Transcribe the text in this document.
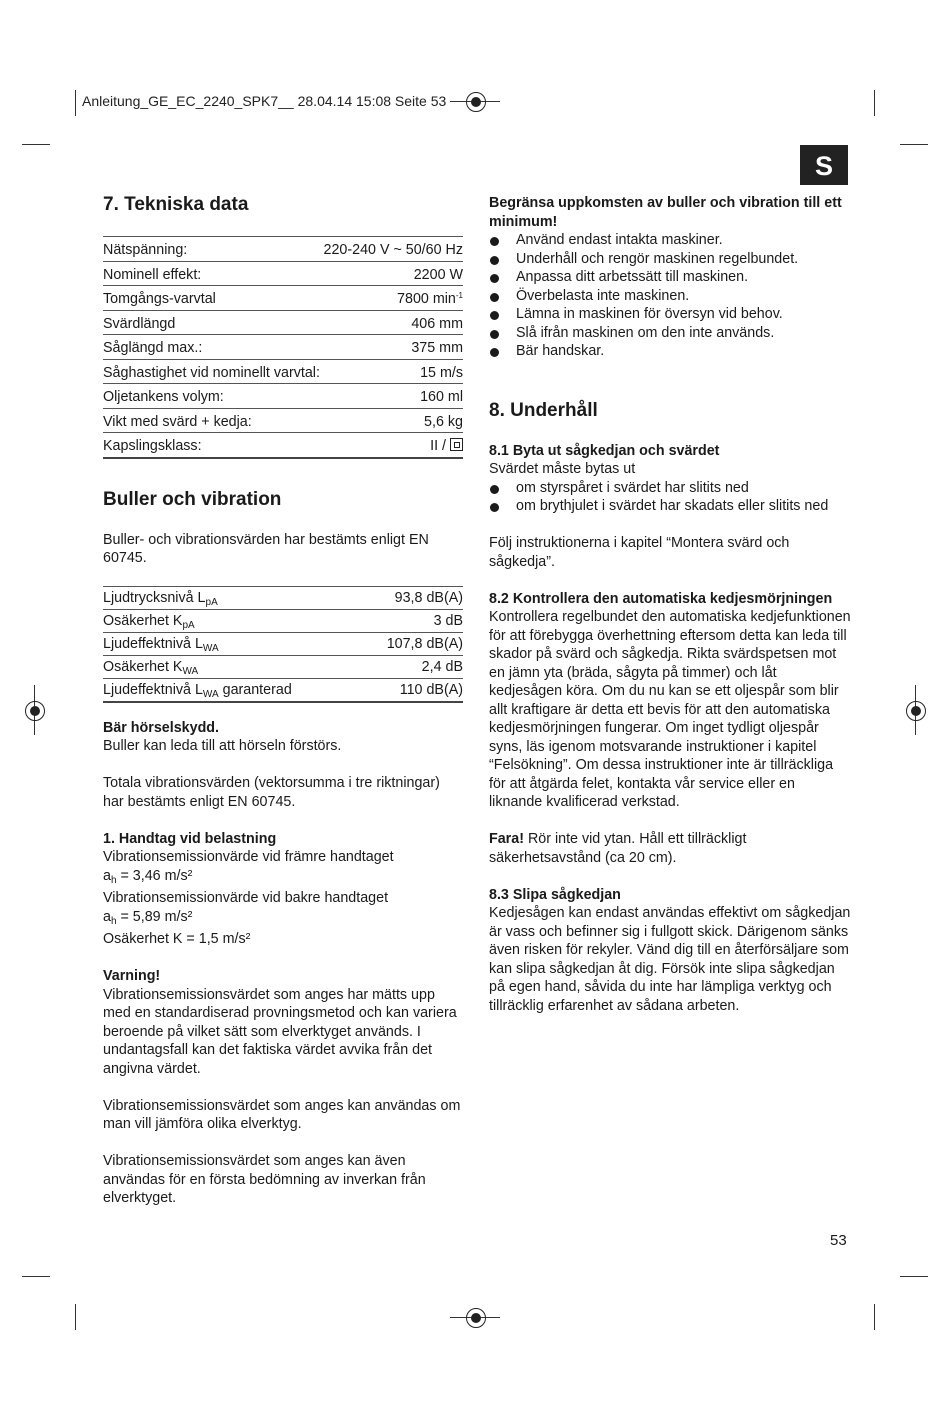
Anleitung_GE_EC_2240_SPK7__ 28.04.14 15:08 Seite 53
S
7. Tekniska data
Nätspänning:	220-240 V ~ 50/60 Hz
Nominell effekt:	2200 W
Tomgångs-varvtal	7800 $\min^{-1}$
Svärdlängd	406 mm
Såglängd max.:	375 mm
Såghastighet vid nominellt varvtal:	15 m/s
Oljetankens volym:	160 ml
Vikt med svärd + kedja:	5,6 kg
Kapslingsklass:	II /
Buller och vibration

Buller- och vibrationsvärden har bestämts enligt EN 60745.

Ljudtrycksnivå $L_{pA}$	93,8 dB(A)
Osäkerhet $K_{pA}$	3 dB
Ljudeffektnivå $L_{WA}$	107,8 dB(A)
Osäkerhet $K_{WA}$	2,4 dB
Ljudeffektnivå $L_{WA}$ garanterad	110 dB(A)
Bär hörselskydd.

Buller kan leda till att hörseln förstörs.

Totala vibrationsvärden (vektorsumma i tre riktningar) har bestämts enligt EN 60745.

1. Handtag vid belastning

Vibrationsemissionvärde vid främre handtaget

$a_h = 3,46$ m/s²

Vibrationsemissionvärde vid bakre handtaget

$a_h = 5,89$ m/s²

Osäkerhet K = 1,5 m/s²

Varning!

Vibrationsemissionsvärdet som anges har mätts upp med en standardiserad provningsmetod och kan variera beroende på vilket sätt som elverktyget används. I undantagsfall kan det faktiska värdet avvika från det angivna värdet.

Vibrationsemissionsvärdet som anges kan användas om man vill jämföra olika elverktyg.

Vibrationsemissionsvärdet som anges kan även användas för en första bedömning av inverkan från elverktyget.

Begränsa uppkomsten av buller och vibration till ett minimum!
Använd endast intakta maskiner.
Underhåll och rengör maskinen regelbundet.
Anpassa ditt arbetssätt till maskinen.
Överbelasta inte maskinen.
Lämna in maskinen för översyn vid behov.
Slå ifrån maskinen om den inte används.
Bär handskar.
8. Underhåll
8.1 Byta ut sågkedjan och svärdet

Svärdet måste bytas ut

om styrspåret i svärdet har slitits ned
om brythjulet i svärdet har skadats eller slitits ned

Följ instruktionerna i kapitel “Montera svärd och sågkedja”.

8.2 Kontrollera den automatiska kedjesmörjningen

Kontrollera regelbundet den automatiska kedjefunktionen för att förebygga överhettning eftersom detta kan leda till skador på svärd och sågkedja. Rikta svärdspetsen mot en jämn yta (bräda, sågyta på timmer) och låt kedjesågen köra. Om du nu kan se ett oljespår som blir allt kraftigare är detta ett bevis för att den automatiska kedjesmörjningen fungerar. Om inget tydligt oljespår syns, läs igenom motsvarande instruktioner i kapitel “Felsökning”. Om dessa instruktioner inte är tillräckliga för att åtgärda felet, kontakta vår service eller en liknande kvalificerad verkstad.

Fara! Rör inte vid ytan. Håll ett tillräckligt säkerhetsavstånd (ca 20 cm).

8.3 Slipa sågkedjan

Kedjesågen kan endast användas effektivt om sågkedjan är vass och befinner sig i fullgott skick. Därigenom sänks även risken för rekyler. Vänd dig till en återförsäljare som kan slipa sågkedjan åt dig. Försök inte slipa sågkedjan på egen hand, såvida du inte har lämpliga verktyg och tillräcklig erfarenhet av sådana arbeten.

53
